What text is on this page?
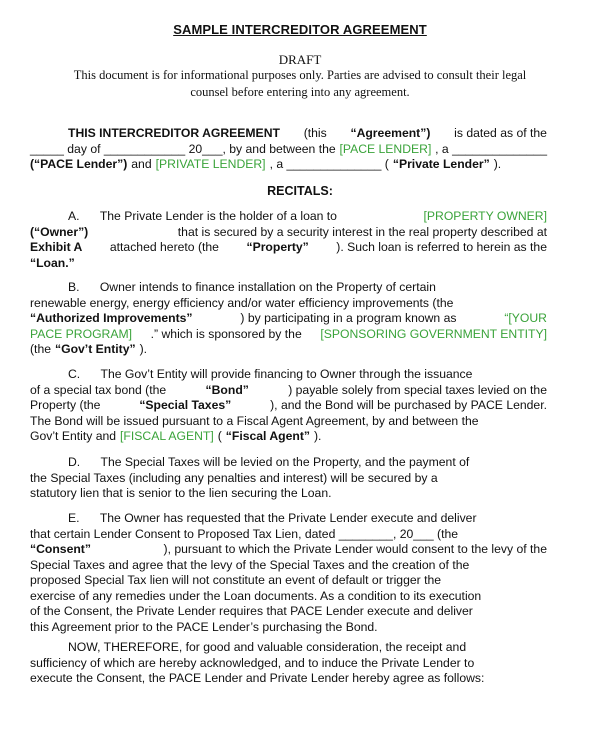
SAMPLE INTERCREDITOR AGREEMENT
DRAFT
This document is for informational purposes only. Parties are advised to consult their legal
counsel before entering into any agreement.
THIS INTERCREDITOR AGREEMENT (this “Agreement”) is dated as of the
_____ day of ____________ 20___, by and between the [PACE LENDER] , a ______________
(“PACE Lender”) and [PRIVATE LENDER] , a ______________ ( “Private Lender” ).
RECITALS:
A.      The Private Lender is the holder of a loan to	[PROPERTY OWNER]
(“Owner”)	that is secured by a security interest in the real property described at
Exhibit A attached hereto (the “Property” ). Such loan is referred to herein as the
“Loan.”
B.      Owner intends to finance installation on the Property of certain
renewable energy, energy efficiency and/or water efficiency improvements (the
“Authorized Improvements”	) by participating in a program known as	“[YOUR
PACE PROGRAM] .” which is sponsored by the [SPONSORING GOVERNMENT ENTITY]
(the “Gov’t Entity” ).
C.      The Gov’t Entity will provide financing to Owner through the issuance
of a special tax bond (the	“Bond”	) payable solely from special taxes levied on the
Property (the	“Special Taxes”	), and the Bond will be purchased by PACE Lender.
The Bond will be issued pursuant to a Fiscal Agent Agreement, by and between the
Gov’t Entity and [FISCAL AGENT] ( “Fiscal Agent” ).
D.      The Special Taxes will be levied on the Property, and the payment of
the Special Taxes (including any penalties and interest) will be secured by a
statutory lien that is senior to the lien securing the Loan.
E.      The Owner has requested that the Private Lender execute and deliver
that certain Lender Consent to Proposed Tax Lien, dated ________, 20___ (the
“Consent”	), pursuant to which the Private Lender would consent to the levy of the
Special Taxes and agree that the levy of the Special Taxes and the creation of the
proposed Special Tax lien will not constitute an event of default or trigger the
exercise of any remedies under the Loan documents. As a condition to its execution
of the Consent, the Private Lender requires that PACE Lender execute and deliver
this Agreement prior to the PACE Lender’s purchasing the Bond.
NOW, THEREFORE, for good and valuable consideration, the receipt and
sufficiency of which are hereby acknowledged, and to induce the Private Lender to
execute the Consent, the PACE Lender and Private Lender hereby agree as follows:
